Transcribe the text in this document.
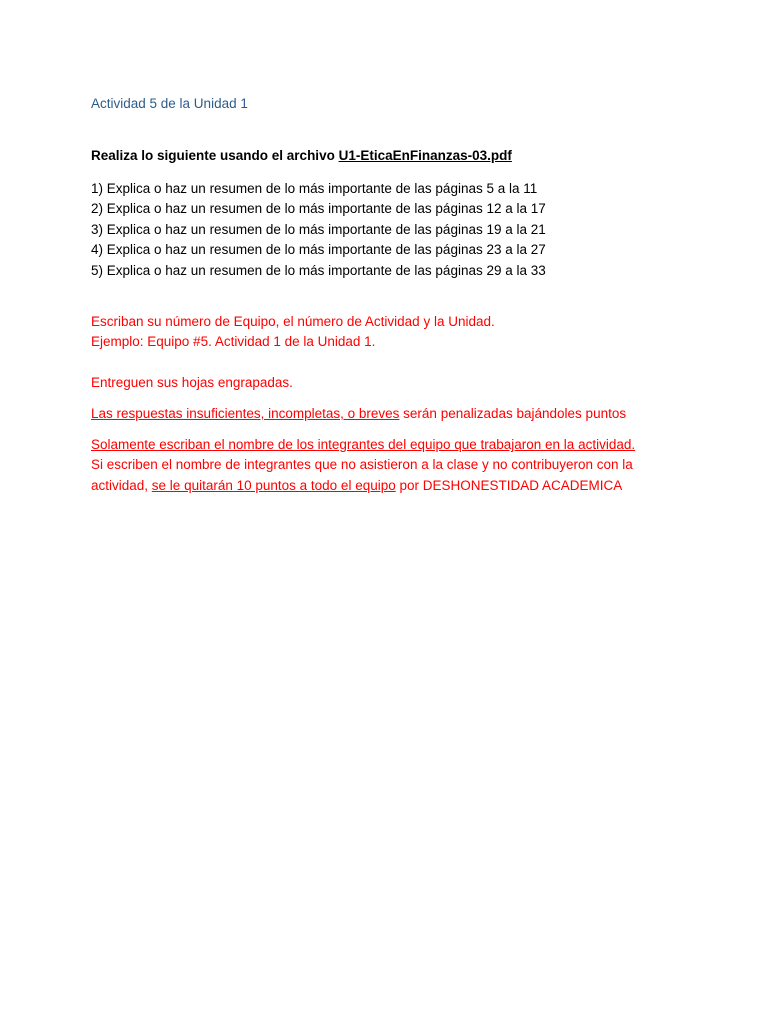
Actividad 5 de la Unidad 1
Realiza lo siguiente usando el archivo U1-EticaEnFinanzas-03.pdf
1) Explica o haz un resumen de lo más importante de las páginas 5 a la 11
2) Explica o haz un resumen de lo más importante de las páginas 12 a la 17
3) Explica o haz un resumen de lo más importante de las páginas 19 a la 21
4) Explica o haz un resumen de lo más importante de las páginas 23 a la 27
5) Explica o haz un resumen de lo más importante de las páginas 29 a la 33
Escriban su número de Equipo, el número de Actividad y la Unidad.
Ejemplo: Equipo #5. Actividad 1 de la Unidad 1.
Entreguen sus hojas engrapadas.
Las respuestas insuficientes, incompletas, o breves serán penalizadas bajándoles puntos
Solamente escriban el nombre de los integrantes del equipo que trabajaron en la actividad.
Si escriben el nombre de integrantes que no asistieron a la clase y no contribuyeron con la
actividad, se le quitarán 10 puntos a todo el equipo por DESHONESTIDAD ACADEMICA
